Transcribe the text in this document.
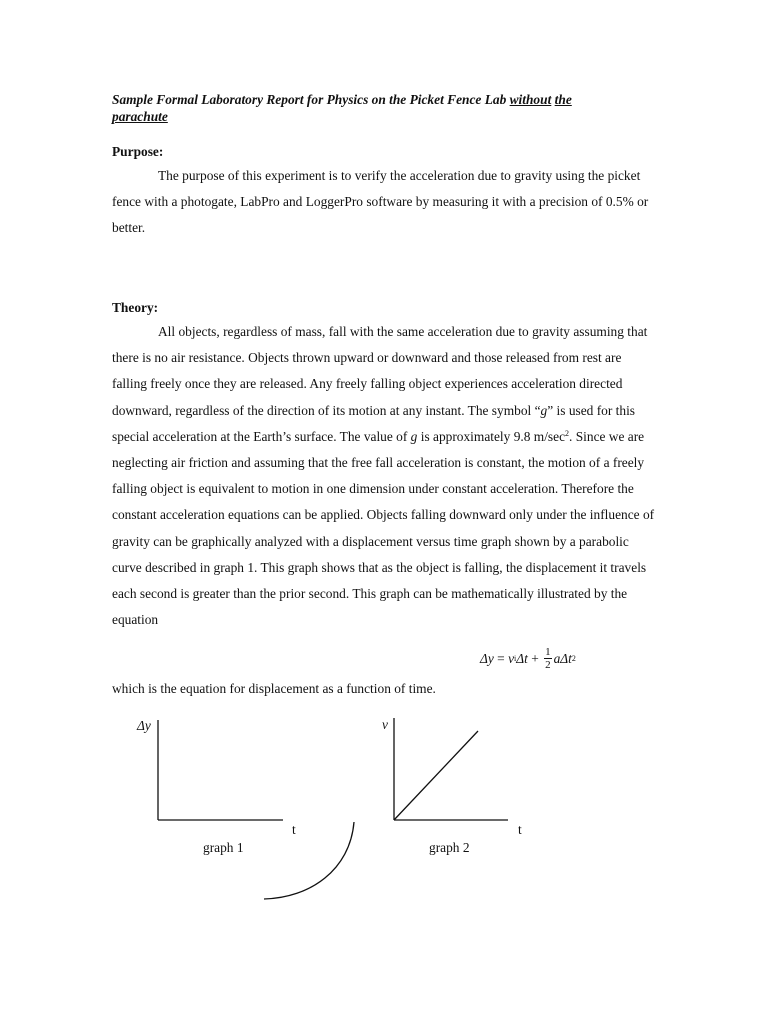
Sample Formal Laboratory Report for Physics on the Picket Fence Lab without the
parachute
Purpose:
The purpose of this experiment is to verify the acceleration due to gravity using the picket fence with a photogate, LabPro and LoggerPro software by measuring it with a precision of 0.5% or better.
Theory:
All objects, regardless of mass, fall with the same acceleration due to gravity assuming that there is no air resistance. Objects thrown upward or downward and those released from rest are falling freely once they are released. Any freely falling object experiences acceleration directed downward, regardless of the direction of its motion at any instant. The symbol “g” is used for this special acceleration at the Earth’s surface. The value of g is approximately 9.8 $m/\sec^2$. Since we are neglecting air friction and assuming that the free fall acceleration is constant, the motion of a freely falling object is equivalent to motion in one dimension under constant acceleration. Therefore the constant acceleration equations can be applied. Objects falling downward only under the influence of gravity can be graphically analyzed with a displacement versus time graph shown by a parabolic curve described in graph 1. This graph shows that as the object is falling, the displacement it travels each second is greater than the prior second. This graph can be mathematically illustrated by the equation
Δy = v i $\Delta t + \frac{1}{2}$ a Δt 2
which is the equation for displacement as a function of time.
Δy
t
graph 1
v
t
graph 2
